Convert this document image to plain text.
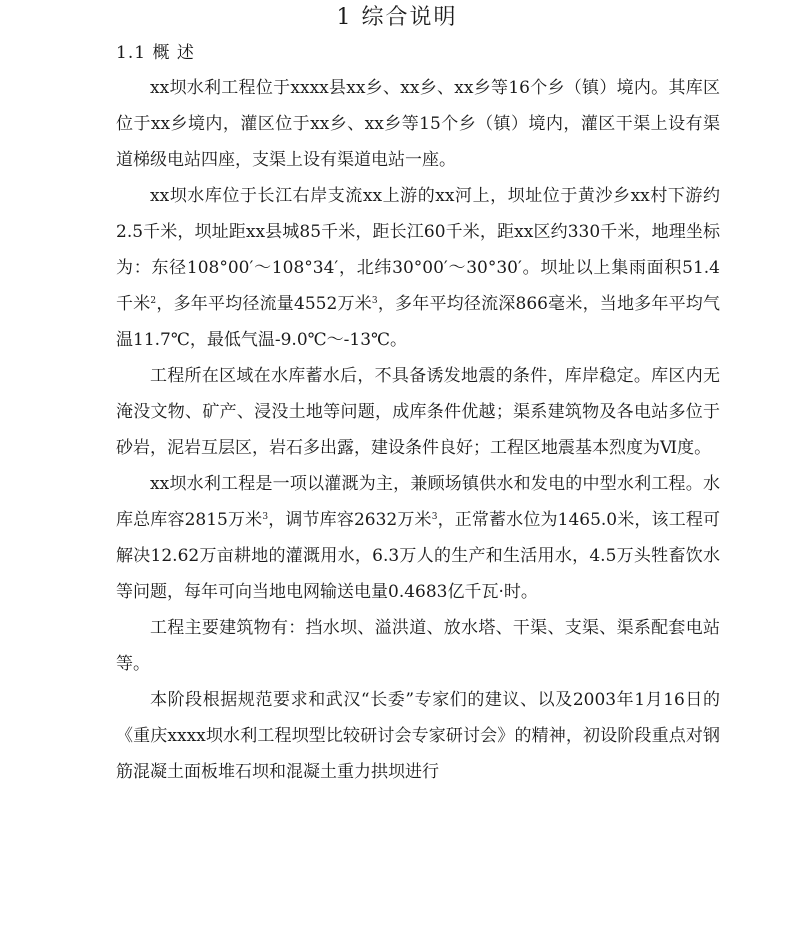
1 综合说明
1.1 概 述

xx坝水利工程位于xxxx县xx乡、xx乡、xx乡等16个乡（镇）境内。其库区位于xx乡境内，灌区位于xx乡、xx乡等15个乡（镇）境内，灌区干渠上设有渠道梯级电站四座，支渠上设有渠道电站一座。

xx坝水库位于长江右岸支流xx上游的xx河上，坝址位于黄沙乡xx村下游约2.5千米，坝址距xx县城85千米，距长江60千米，距xx区约330千米，地理坐标为：东径108°00′～108°34′，北纬30°00′～30°30′。坝址以上集雨面积51.4千米$^2$，多年平均径流量4552万米$^3$，多年平均径流深866毫米，当地多年平均气温11.7℃，最低气温-9.0℃～-13℃。

工程所在区域在水库蓄水后，不具备诱发地震的条件，库岸稳定。库区内无淹没文物、矿产、浸没土地等问题，成库条件优越；渠系建筑物及各电站多位于砂岩，泥岩互层区，岩石多出露，建设条件良好；工程区地震基本烈度为Ⅵ度。

xx坝水利工程是一项以灌溉为主，兼顾场镇供水和发电的中型水利工程。水库总库容2815万米$^3$，调节库容2632万米$^3$，正常蓄水位为1465.0米，该工程可解决12.62万亩耕地的灌溉用水，6.3万人的生产和生活用水，4.5万头牲畜饮水等问题，每年可向当地电网输送电量0.4683亿千瓦·时。

工程主要建筑物有：挡水坝、溢洪道、放水塔、干渠、支渠、渠系配套电站等。

本阶段根据规范要求和武汉“长委”专家们的建议、以及2003年1月16日的《重庆xxxx坝水利工程坝型比较研讨会专家研讨会》的精神，初设阶段重点对钢筋混凝土面板堆石坝和混凝土重力拱坝进行
